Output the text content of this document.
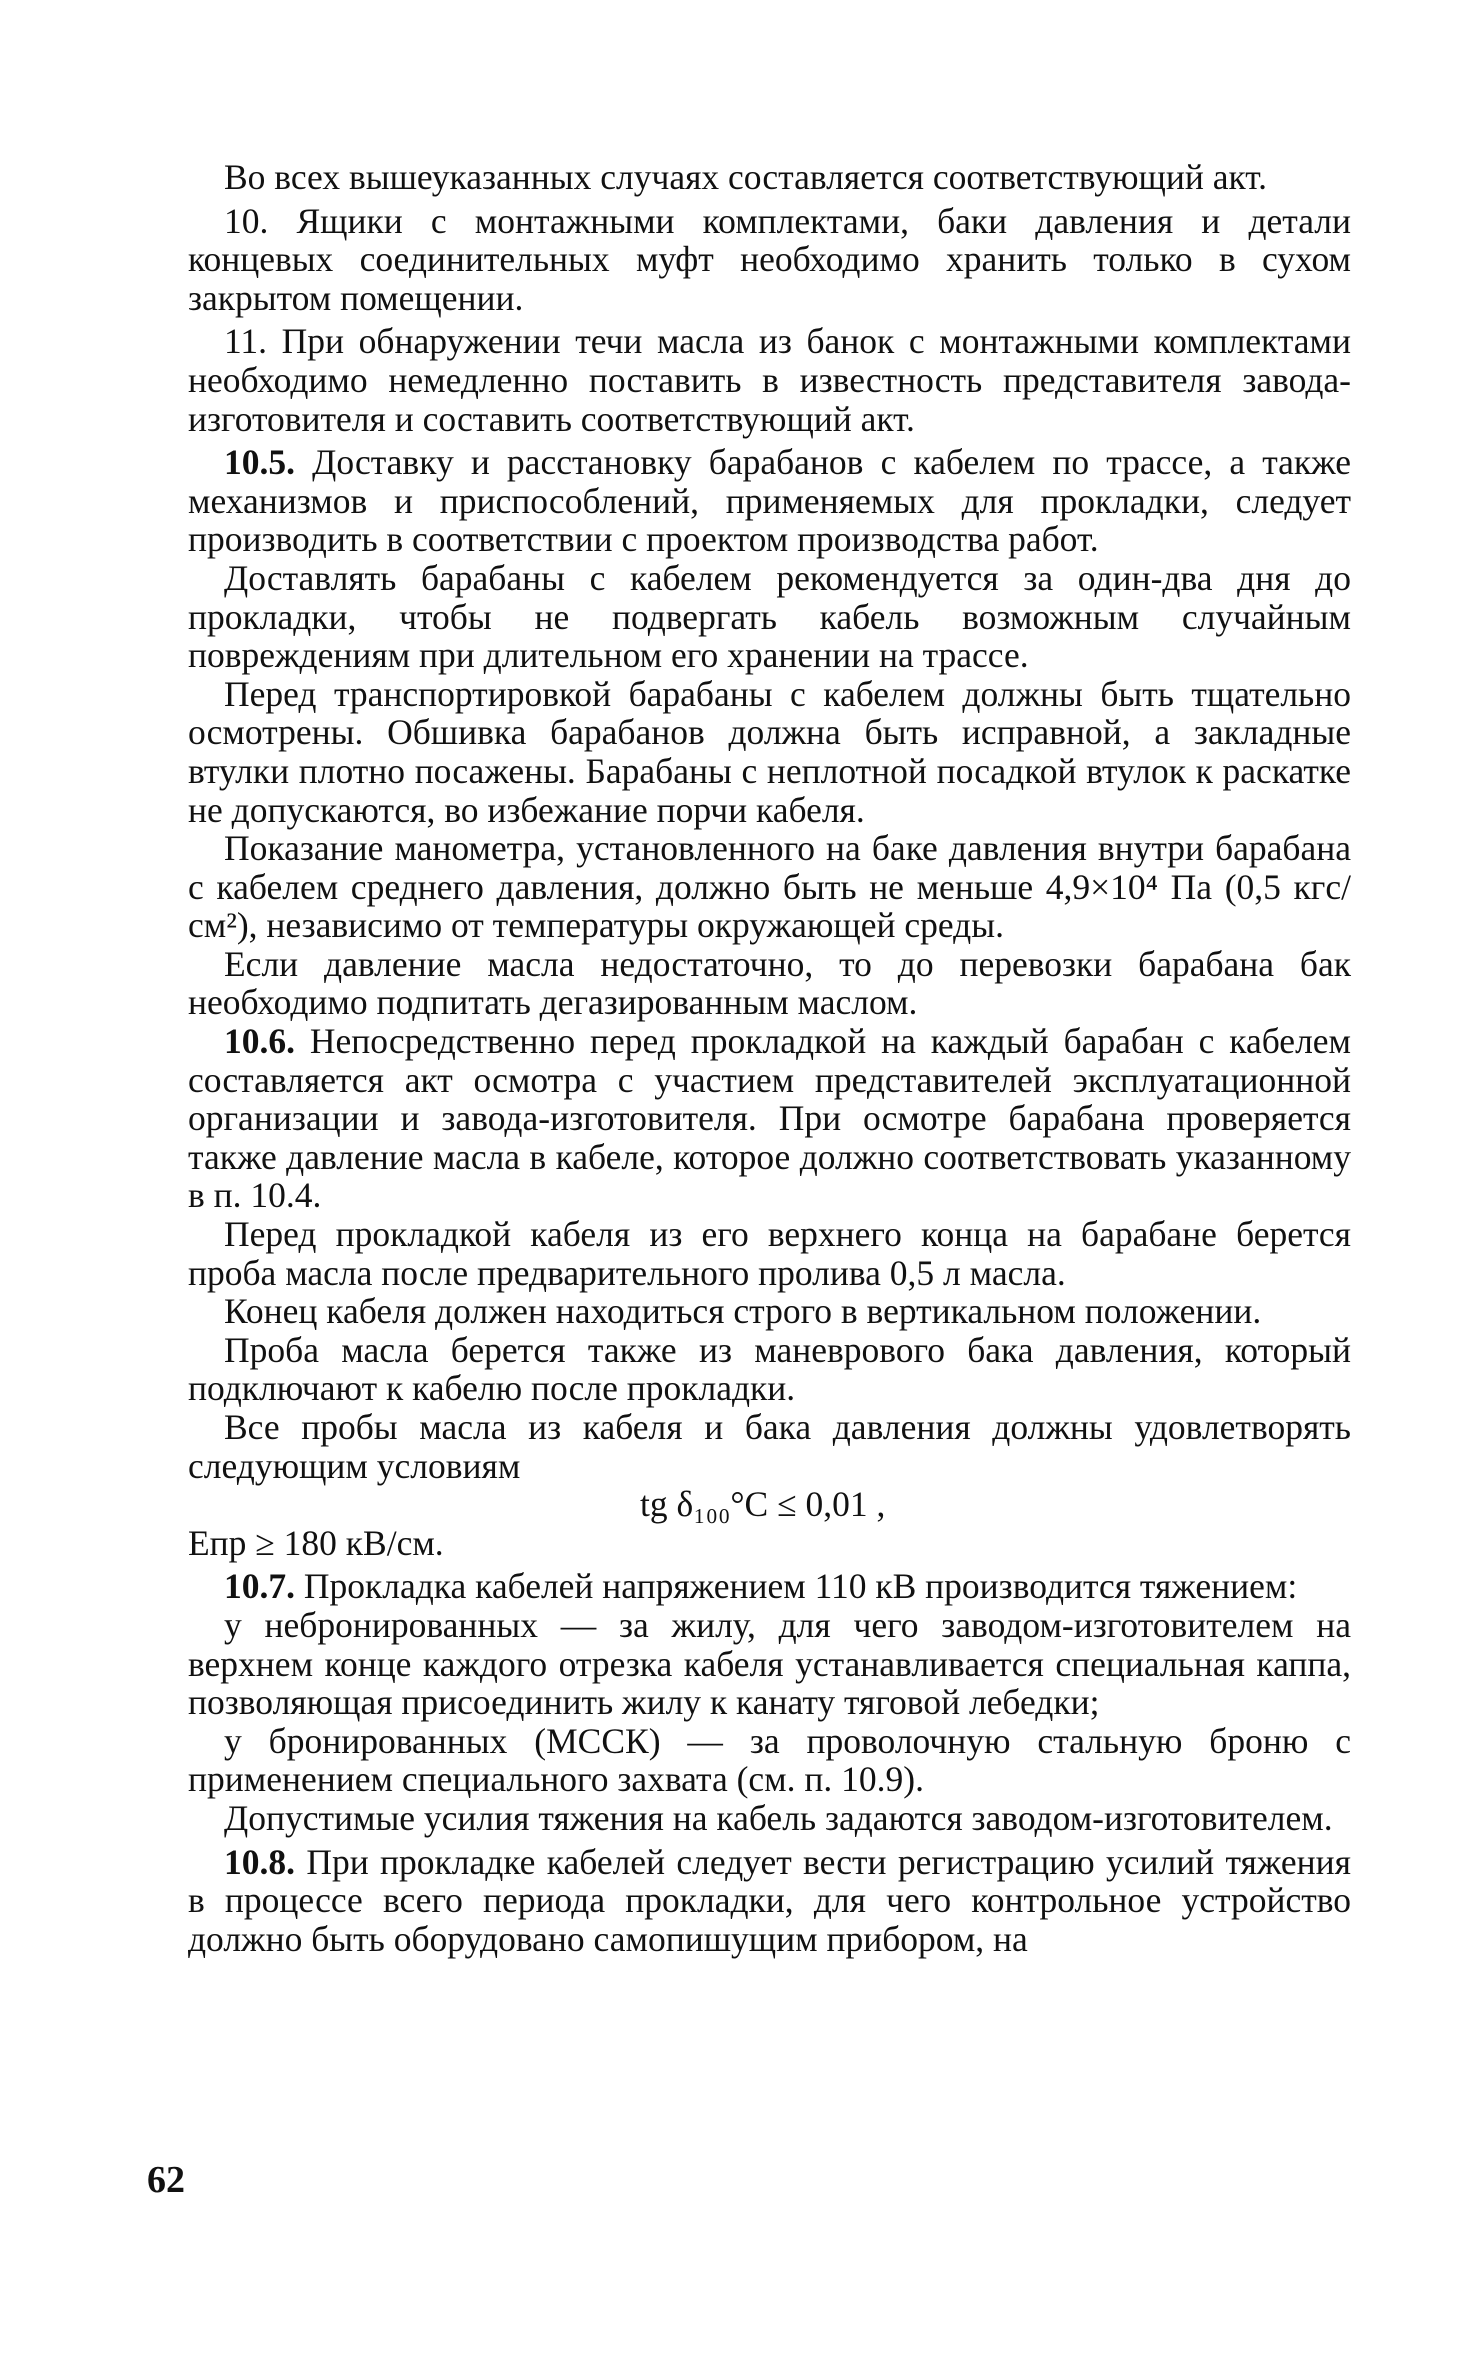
Во всех вышеуказанных случаях составляется соответствующий акт.

10. Ящики с монтажными комплектами, баки давления и детали концевых соединительных муфт необходимо хранить только в сухом закрытом помещении.

11. При обнаружении течи масла из банок с монтажными комплектами необходимо немедленно поставить в известность представителя завода-изготовителя и составить соответствующий акт.

10.5. Доставку и расстановку барабанов с кабелем по трассе, а также механизмов и приспособлений, применяемых для прокладки, следует производить в соответствии с проектом производства работ.

Доставлять барабаны с кабелем рекомендуется за один-два дня до прокладки, чтобы не подвергать кабель возможным случайным повреждениям при длительном его хранении на трассе.

Перед транспортировкой барабаны с кабелем должны быть тщательно осмотрены. Обшивка барабанов должна быть исправной, а закладные втулки плотно посажены. Барабаны с неплотной посадкой втулок к раскатке не допускаются, во избежание порчи кабеля.

Показание манометра, установленного на баке давления внутри барабана с кабелем среднего давления, должно быть не меньше 4,9×10⁴ Па (0,5 кгс/см²), независимо от температуры окружающей среды.

Если давление масла недостаточно, то до перевозки барабана бак необходимо подпитать дегазированным маслом.

10.6. Непосредственно перед прокладкой на каждый барабан с кабелем составляется акт осмотра с участием представителей эксплуатационной организации и завода-изготовителя. При осмотре барабана проверяется также давление масла в кабеле, которое должно соответствовать указанному в п. 10.4.

Перед прокладкой кабеля из его верхнего конца на барабане берется проба масла после предварительного пролива 0,5 л масла.

Конец кабеля должен находиться строго в вертикальном положении.

Проба масла берется также из маневрового бака давления, который подключают к кабелю после прокладки.

Все пробы масла из кабеля и бака давления должны удовлетворять следующим условиям

tg δ₁₀₀°C ≤ 0,01 ,

Eпр ≥ 180 кВ/см.

10.7. Прокладка кабелей напряжением 110 кВ производится тяжением:

у небронированных — за жилу, для чего заводом-изготовителем на верхнем конце каждого отрезка кабеля устанавливается специальная каппа, позволяющая присоединить жилу к канату тяговой лебедки;

у бронированных (МССК) — за проволочную стальную броню с применением специального захвата (см. п. 10.9).

Допустимые усилия тяжения на кабель задаются заводом-изготовителем.

10.8. При прокладке кабелей следует вести регистрацию усилий тяжения в процессе всего периода прокладки, для чего контрольное устройство должно быть оборудовано самопишущим прибором, на

62
